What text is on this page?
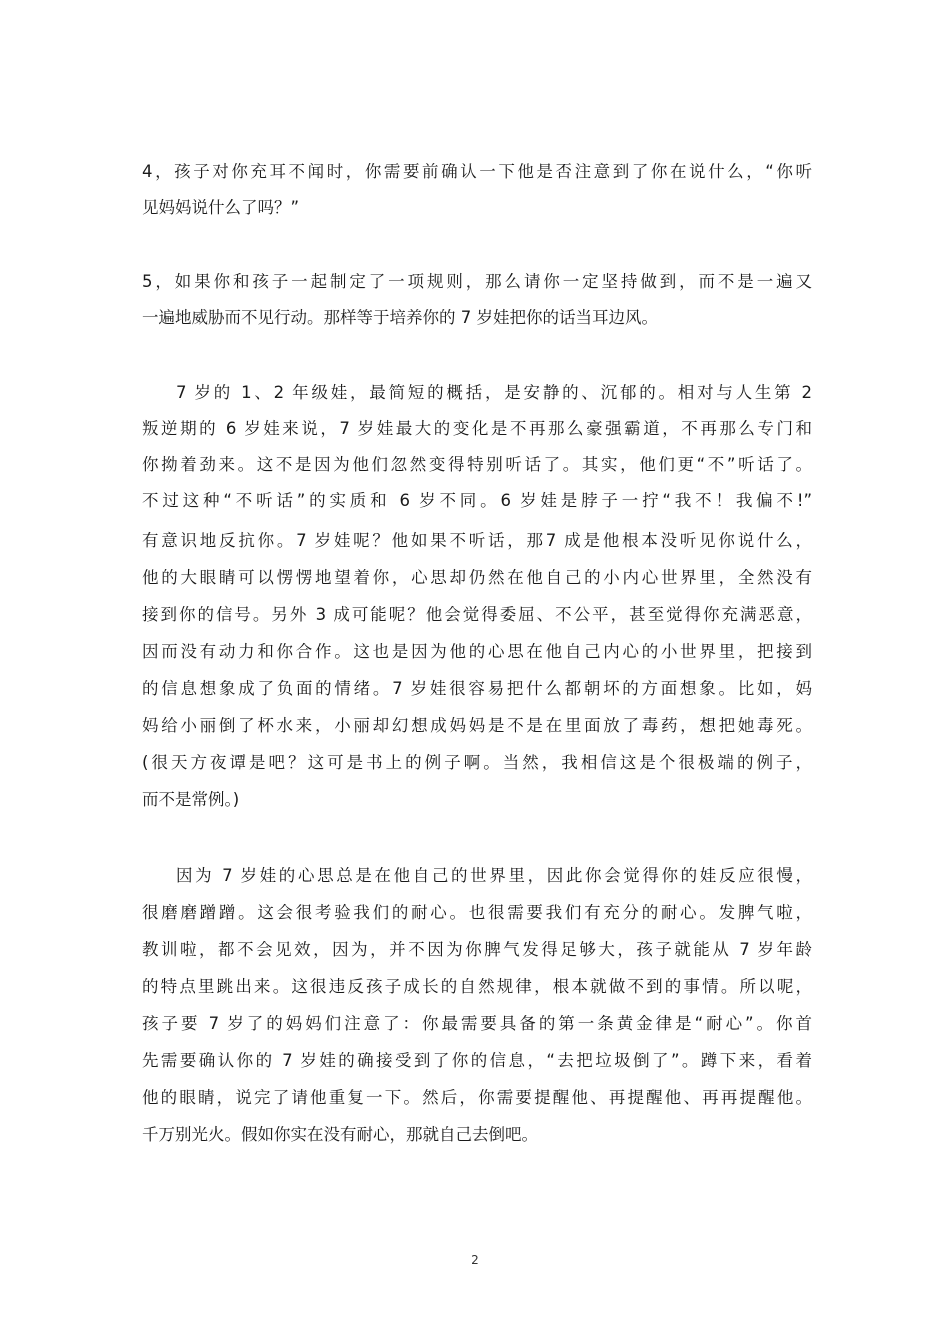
4，孩子对你充耳不闻时，你需要前确认一下他是否注意到了你在说什么，“你听
见妈妈说什么了吗？”
5，如果你和孩子一起制定了一项规则，那么请你一定坚持做到，而不是一遍又
一遍地威胁而不见行动。那样等于培养你的 7 岁娃把你的话当耳边风。
7 岁的 1、2 年级娃，最简短的概括，是安静的、沉郁的。相对与人生第 2
叛逆期的 6 岁娃来说，7 岁娃最大的变化是不再那么豪强霸道，不再那么专门和
你拗着劲来。这不是因为他们忽然变得特别听话了。其实，他们更“不”听话了。
不过这种“不听话”的实质和 6 岁不同。6 岁娃是脖子一拧“我不！我偏不!”
有意识地反抗你。7 岁娃呢？他如果不听话，那7 成是他根本没听见你说什么，
他的大眼睛可以愣愣地望着你，心思却仍然在他自己的小内心世界里，全然没有
接到你的信号。另外 3 成可能呢？他会觉得委屈、不公平，甚至觉得你充满恶意，
因而没有动力和你合作。这也是因为他的心思在他自己内心的小世界里，把接到
的信息想象成了负面的情绪。7 岁娃很容易把什么都朝坏的方面想象。比如，妈
妈给小丽倒了杯水来，小丽却幻想成妈妈是不是在里面放了毒药，想把她毒死。
(很天方夜谭是吧？这可是书上的例子啊。当然，我相信这是个很极端的例子，
而不是常例。)
因为 7 岁娃的心思总是在他自己的世界里，因此你会觉得你的娃反应很慢，
很磨磨蹭蹭。这会很考验我们的耐心。也很需要我们有充分的耐心。发脾气啦，
教训啦，都不会见效，因为，并不因为你脾气发得足够大，孩子就能从 7 岁年龄
的特点里跳出来。这很违反孩子成长的自然规律，根本就做不到的事情。所以呢，
孩子要 7 岁了的妈妈们注意了：你最需要具备的第一条黄金律是“耐心”。你首
先需要确认你的 7 岁娃的确接受到了你的信息，“去把垃圾倒了”。蹲下来，看着
他的眼睛，说完了请他重复一下。然后，你需要提醒他、再提醒他、再再提醒他。
千万别光火。假如你实在没有耐心，那就自己去倒吧。
2
